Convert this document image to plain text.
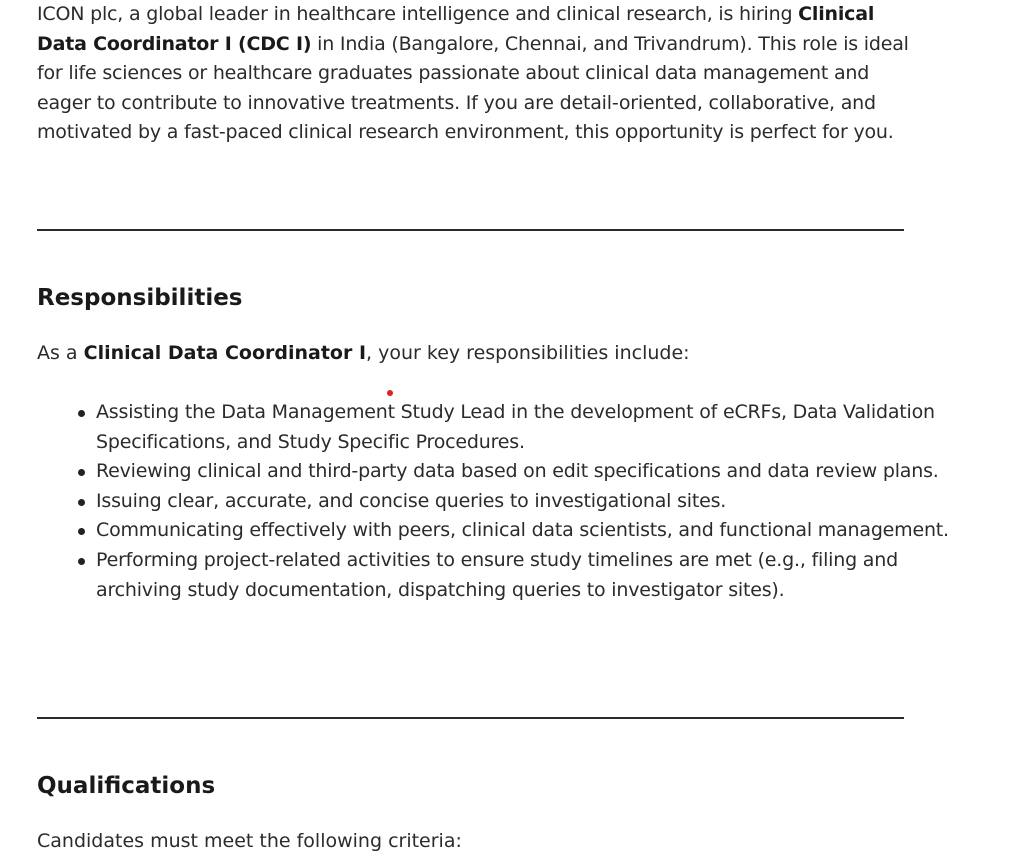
ICON plc, a global leader in healthcare intelligence and clinical research, is hiring Clinical Data Coordinator I (CDC I) in India (Bangalore, Chennai, and Trivandrum). This role is ideal for life sciences or healthcare graduates passionate about clinical data management and eager to contribute to innovative treatments. If you are detail-oriented, collaborative, and motivated by a fast-paced clinical research environment, this opportunity is perfect for you.

Responsibilities

As a Clinical Data Coordinator I, your key responsibilities include:

Assisting the Data Management Study Lead in the development of eCRFs, Data Validation Specifications, and Study Specific Procedures.
Reviewing clinical and third-party data based on edit specifications and data review plans.
Issuing clear, accurate, and concise queries to investigational sites.
Communicating effectively with peers, clinical data scientists, and functional management.
Performing project-related activities to ensure study timelines are met (e.g., filing and archiving study documentation, dispatching queries to investigator sites).
Qualifications

Candidates must meet the following criteria:
